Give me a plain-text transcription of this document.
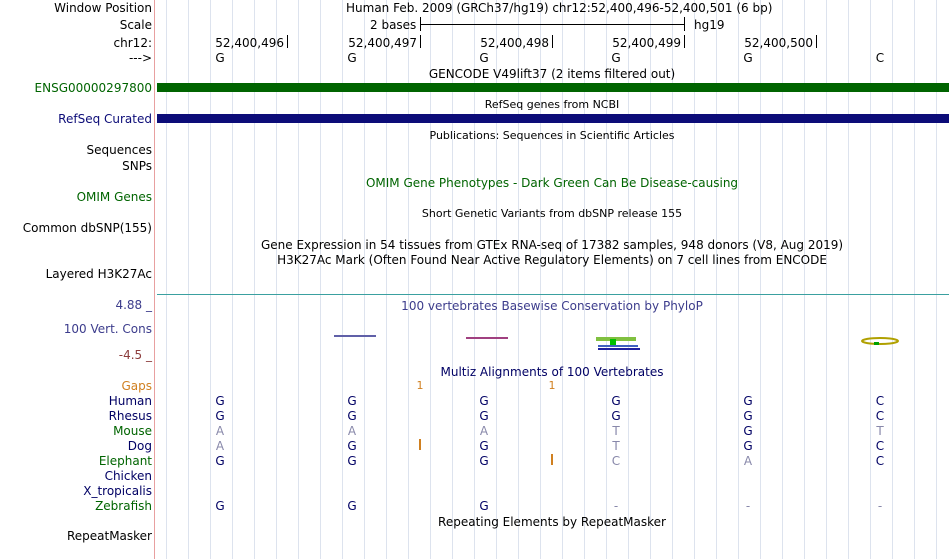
Window Position	Human Feb. 2009 (GRCh37/hg19) chr12:52,400,496-52,400,501 (6 bp)
Scale	2 bases	hg19
chr12:	52,400,496	52,400,497	52,400,498	52,400,499	52,400,500
--->	G	G	G	G	G	C
GENCODE V49lift37 (2 items filtered out)
ENSG00000297800
RefSeq genes from NCBI
RefSeq Curated
Publications: Sequences in Scientific Articles
Sequences
SNPs
OMIM Gene Phenotypes - Dark Green Can Be Disease-causing
OMIM Genes
Short Genetic Variants from dbSNP release 155
Common dbSNP(155)
Gene Expression in 54 tissues from GTEx RNA-seq of 17382 samples, 948 donors (V8, Aug 2019)
H3K27Ac Mark (Often Found Near Active Regulatory Elements) on 7 cell lines from ENCODE
Layered H3K27Ac
4.88 _	100 vertebrates Basewise Conservation by PhyloP
100 Vert. Cons
-4.5 _
Multiz Alignments of 100 Vertebrates
Gaps	1	1
Human	G	G	G	G	G	C
Rhesus	G	G	G	G	G	C
Mouse	A	A	A	T	G	T
Dog	A	G	G	T	G	C
Elephant	G	G	G	C	A	C
Chicken
X_tropicalis
Zebrafish	G	G	G	-	-	-
Repeating Elements by RepeatMasker
RepeatMasker
